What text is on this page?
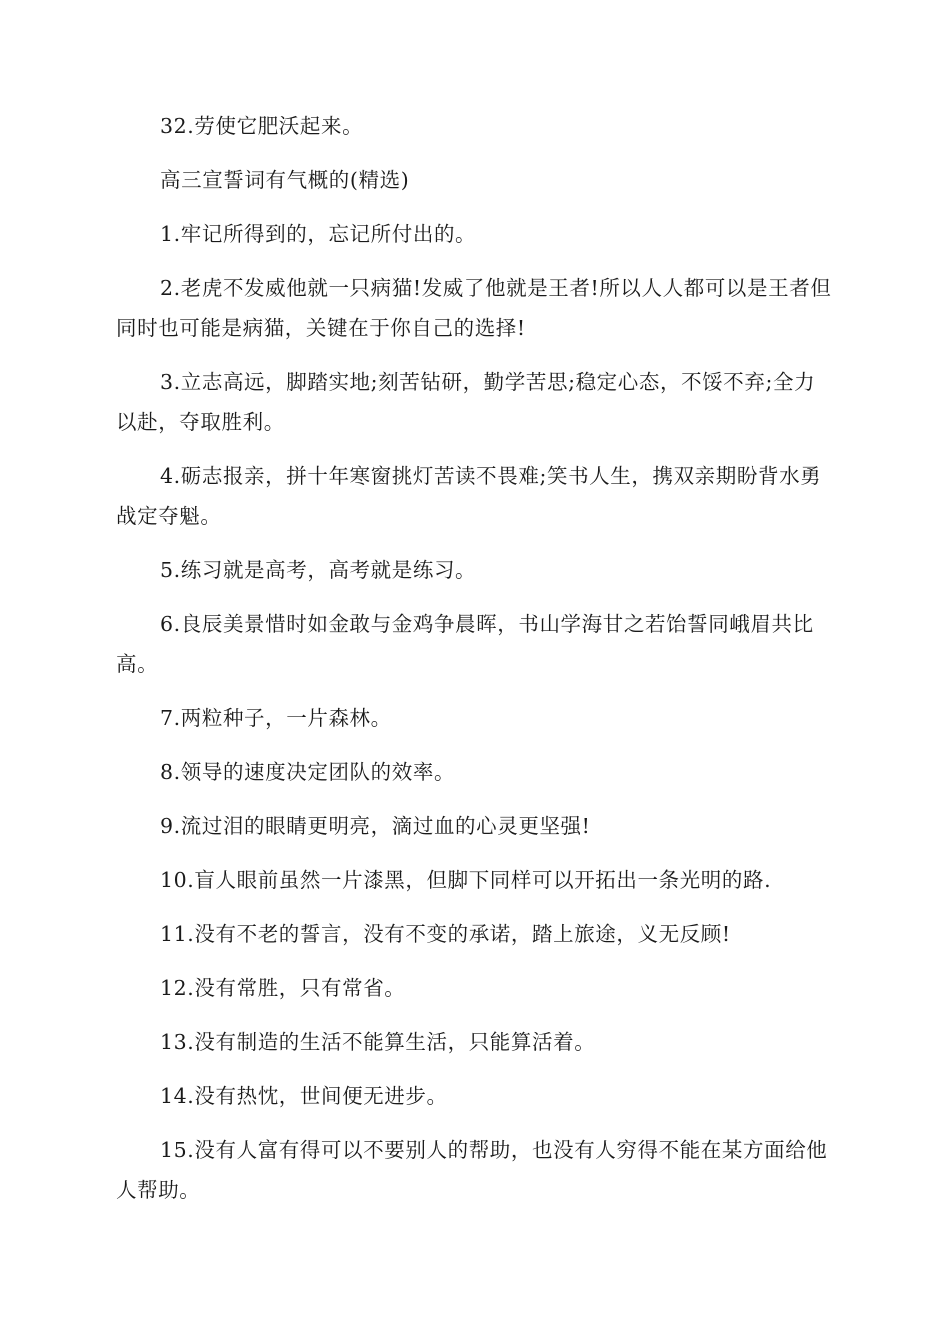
32.劳使它肥沃起来。

高三宣誓词有气概的(精选)

1.牢记所得到的，忘记所付出的。

2.老虎不发威他就一只病猫!发威了他就是王者!所以人人都可以是王者但同时也可能是病猫，关键在于你自己的选择!

3.立志高远，脚踏实地;刻苦钻研，勤学苦思;稳定心态，不馁不弃;全力以赴，夺取胜利。

4.砺志报亲，拼十年寒窗挑灯苦读不畏难;笑书人生，携双亲期盼背水勇战定夺魁。

5.练习就是高考，高考就是练习。

6.良辰美景惜时如金敢与金鸡争晨晖，书山学海甘之若饴誓同峨眉共比高。

7.两粒种子，一片森林。

8.领导的速度决定团队的效率。

9.流过泪的眼睛更明亮，滴过血的心灵更坚强!

10.盲人眼前虽然一片漆黑，但脚下同样可以开拓出一条光明的路.

11.没有不老的誓言，没有不变的承诺，踏上旅途，义无反顾!

12.没有常胜，只有常省。

13.没有制造的生活不能算生活，只能算活着。

14.没有热忱，世间便无进步。

15.没有人富有得可以不要别人的帮助，也没有人穷得不能在某方面给他人帮助。
